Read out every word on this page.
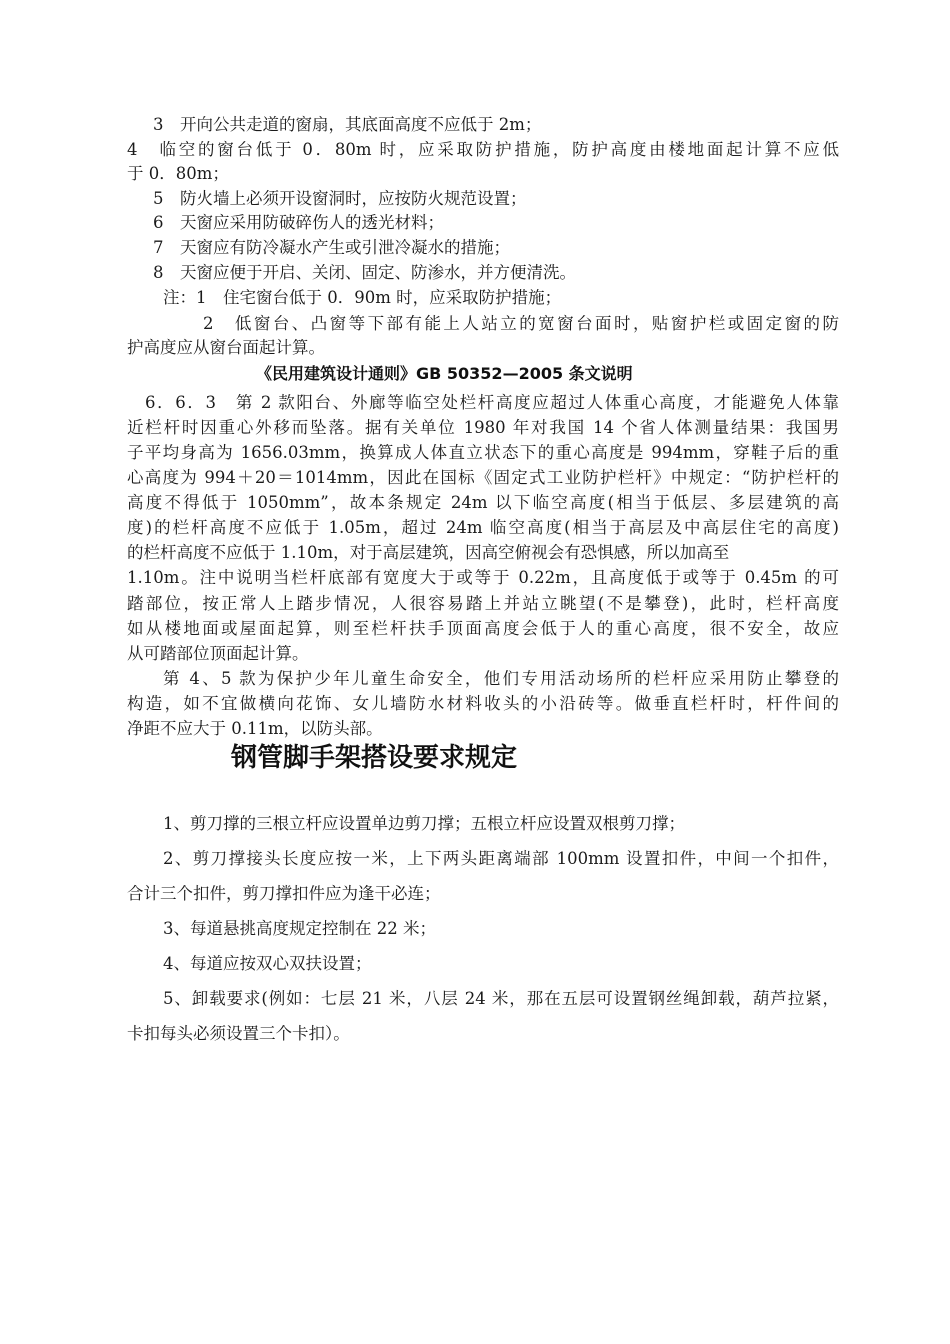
3　开向公共走道的窗扇，其底面高度不应低于 2m；
4　临空的窗台低于 0．80m 时，应采取防护措施，防护高度由楼地面起计算不应低
于 0．80m；
5　防火墙上必须开设窗洞时，应按防火规范设置；
6　天窗应采用防破碎伤人的透光材料；
7　天窗应有防冷凝水产生或引泄冷凝水的措施；
8　天窗应便于开启、关闭、固定、防渗水，并方便清洗。
注：1　住宅窗台低于 0．90m 时，应采取防护措施；
2　低窗台、凸窗等下部有能上人站立的宽窗台面时，贴窗护栏或固定窗的防
护高度应从窗台面起计算。
《民用建筑设计通则》GB 50352—2005 条文说明
6．6．3　第 2 款阳台、外廊等临空处栏杆高度应超过人体重心高度，才能避免人体靠
近栏杆时因重心外移而坠落。据有关单位 1980 年对我国 14 个省人体测量结果：我国男
子平均身高为 1656.03mm，换算成人体直立状态下的重心高度是 994mm，穿鞋子后的重
心高度为 994＋20＝1014mm，因此在国标《固定式工业防护栏杆》中规定：“防护栏杆的
高度不得低于 1050mm”，故本条规定 24m 以下临空高度(相当于低层、多层建筑的高
度)的栏杆高度不应低于 1.05m，超过 24m 临空高度(相当于高层及中高层住宅的高度)
的栏杆高度不应低于 1.10m，对于高层建筑，因高空俯视会有恐惧感，所以加高至
1.10m。注中说明当栏杆底部有宽度大于或等于 0.22m，且高度低于或等于 0.45m 的可
踏部位，按正常人上踏步情况，人很容易踏上并站立眺望(不是攀登)，此时，栏杆高度
如从楼地面或屋面起算，则至栏杆扶手顶面高度会低于人的重心高度，很不安全，故应
从可踏部位顶面起计算。
第 4、5 款为保护少年儿童生命安全，他们专用活动场所的栏杆应采用防止攀登的
构造，如不宜做横向花饰、女儿墙防水材料收头的小沿砖等。做垂直栏杆时，杆件间的
净距不应大于 0.11m，以防头部。
钢管脚手架搭设要求规定
1、剪刀撑的三根立杆应设置单边剪刀撑；五根立杆应设置双根剪刀撑；
2、剪刀撑接头长度应按一米，上下两头距离端部 100mm 设置扣件，中间一个扣件，
合计三个扣件，剪刀撑扣件应为逢干必连；
3、每道悬挑高度规定控制在 22 米；
4、每道应按双心双扶设置；
5、卸载要求(例如：七层 21 米，八层 24 米，那在五层可设置钢丝绳卸载，葫芦拉紧，
卡扣每头必须设置三个卡扣）。
